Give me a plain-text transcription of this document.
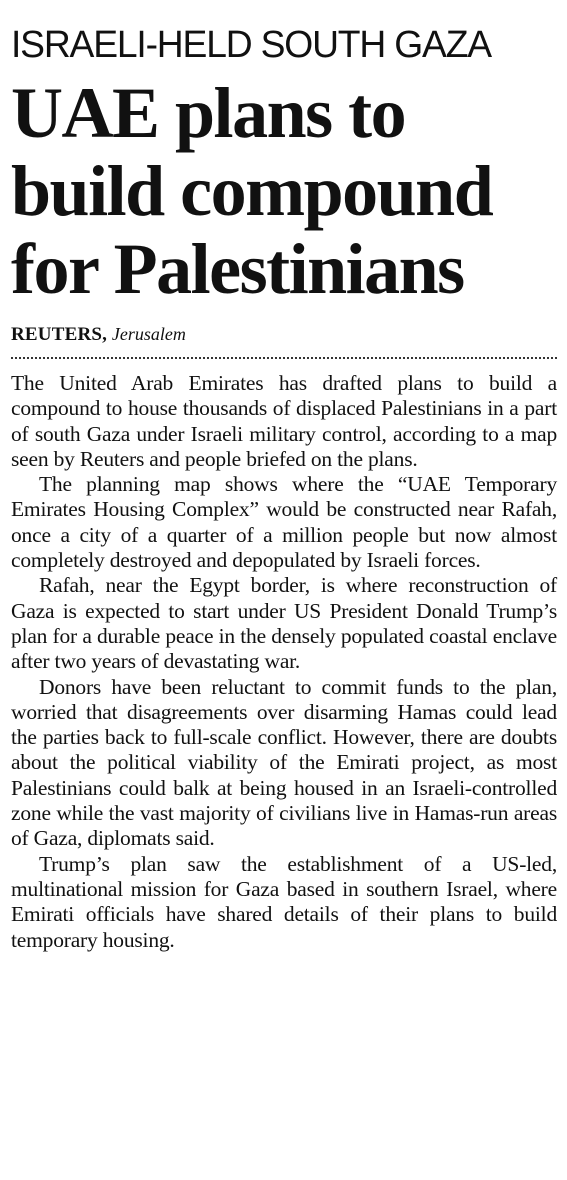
ISRAELI-HELD SOUTH GAZA
UAE plans to
build compound
for Palestinians
REUTERS, Jerusalem

The United Arab Emirates has drafted plans to build a compound to house thousands of displaced Palestinians in a part of south Gaza under Israeli military control, according to a map seen by Reuters and people briefed on the plans.

The planning map shows where the “UAE Temporary Emirates Housing Complex” would be constructed near Rafah, once a city of a quarter of a million people but now almost completely destroyed and depopulated by Israeli forces.

Rafah, near the Egypt border, is where reconstruction of Gaza is expected to start under US President Donald Trump’s plan for a durable peace in the densely populated coastal enclave after two years of devastating war.

Donors have been reluctant to commit funds to the plan, worried that disagreements over disarming Hamas could lead the parties back to full-scale conflict. However, there are doubts about the political viability of the Emirati project, as most Palestinians could balk at being housed in an Israeli-controlled zone while the vast majority of civilians live in Hamas-run areas of Gaza, diplomats said.

Trump’s plan saw the establishment of a US-led, multinational mission for Gaza based in southern Israel, where Emirati officials have shared details of their plans to build temporary housing.
